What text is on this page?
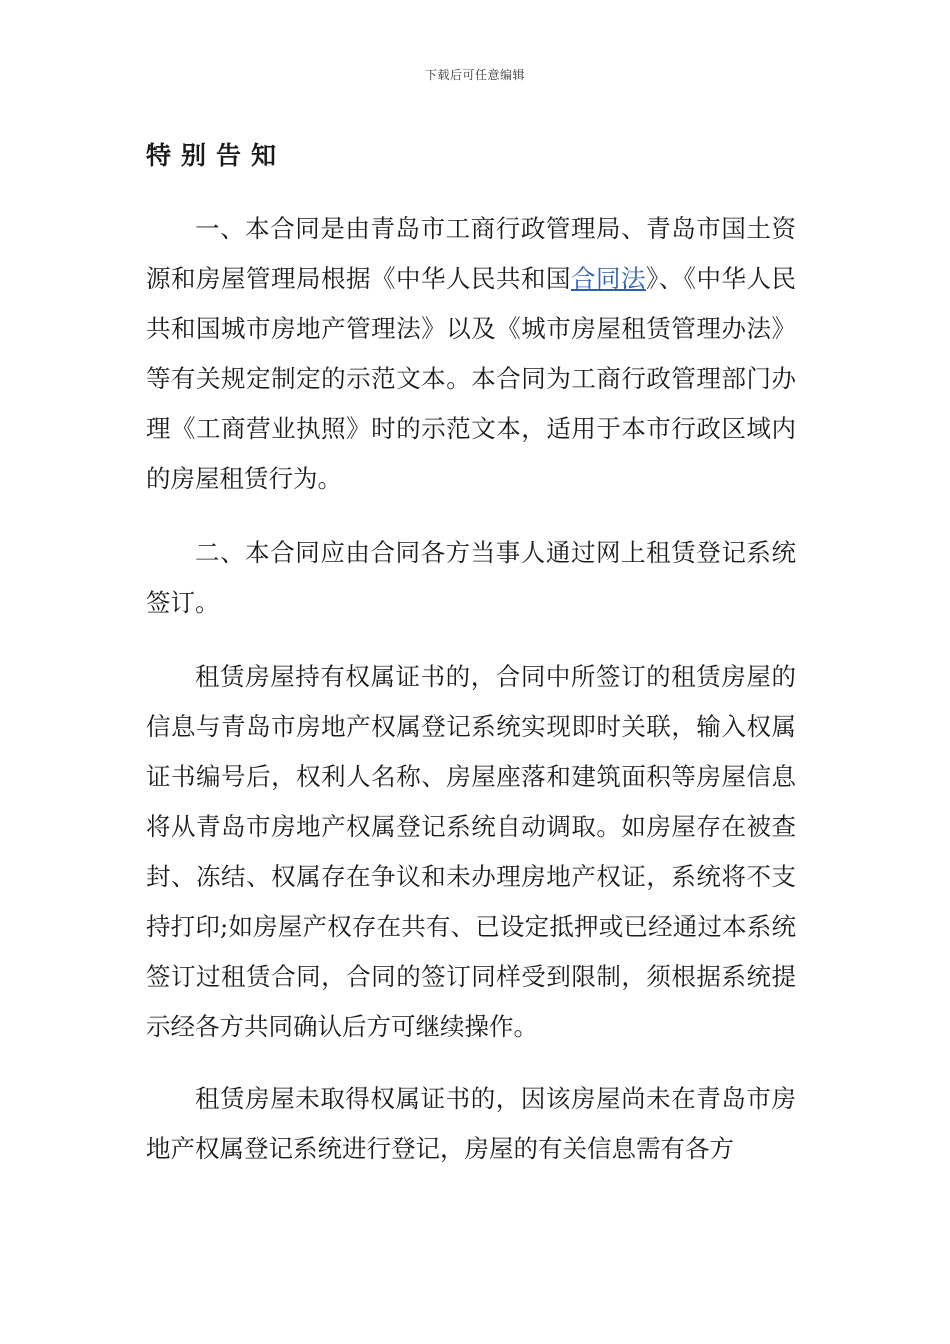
下载后可任意编辑
特别告知

一、本合同是由青岛市工商行政管理局、青岛市国土资源和房屋管理局根据《中华人民共和国合同法》、《中华人民共和国城市房地产管理法》以及《城市房屋租赁管理办法》等有关规定制定的示范文本。本合同为工商行政管理部门办理《工商营业执照》时的示范文本，适用于本市行政区域内的房屋租赁行为。

二、本合同应由合同各方当事人通过网上租赁登记系统签订。

租赁房屋持有权属证书的，合同中所签订的租赁房屋的信息与青岛市房地产权属登记系统实现即时关联，输入权属证书编号后，权利人名称、房屋座落和建筑面积等房屋信息将从青岛市房地产权属登记系统自动调取。如房屋存在被查封、冻结、权属存在争议和未办理房地产权证，系统将不支持打印;如房屋产权存在共有、已设定抵押或已经通过本系统签订过租赁合同，合同的签订同样受到限制，须根据系统提示经各方共同确认后方可继续操作。

租赁房屋未取得权属证书的，因该房屋尚未在青岛市房地产权属登记系统进行登记，房屋的有关信息需有各方
